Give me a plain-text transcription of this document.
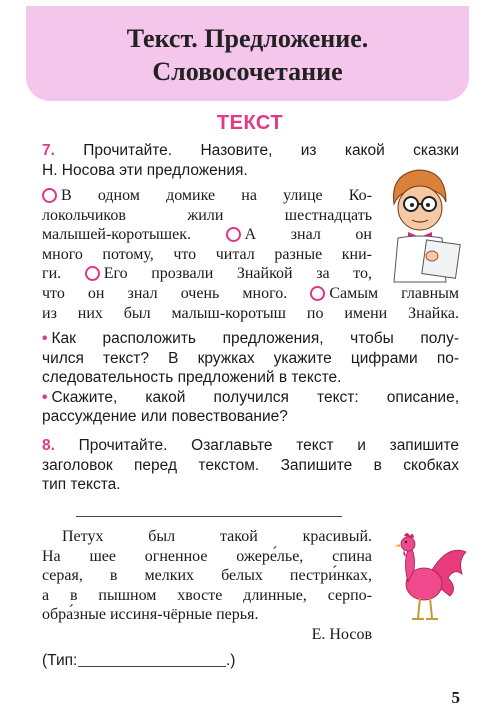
Текст. Предложение.
Словосочетание
ТЕКСТ
7. Прочитайте. Назовите, из какой сказки
Н. Носова эти предложения.
В одном домике на улице Ко-
локольчиков жили шестнадцать
малышей-коротышек.	А знал он
много потому, что читал разные кни-
ги.	Его прозвали Знайкой за то,
что он знал очень много.	Самым главным
из них был малыш-коротыш по имени Знайка.
• Как расположить предложения, чтобы полу-
чился текст? В кружках укажите цифрами по-
следовательность предложений в тексте.
• Скажите, какой получился текст: описание,
рассуждение или повествование?
8. Прочитайте. Озаглавьте текст и запишите
заголовок перед текстом. Запишите в скобках
тип текста.
Петух был такой красивый.
На шее огненное ожере́лье, спина
серая, в мелких белых пестри́нках,
а в пышном хвосте длинные, серпо-
обра́зные иссиня-чёрные перья.
Е. Носов
(Тип:	.)
5
